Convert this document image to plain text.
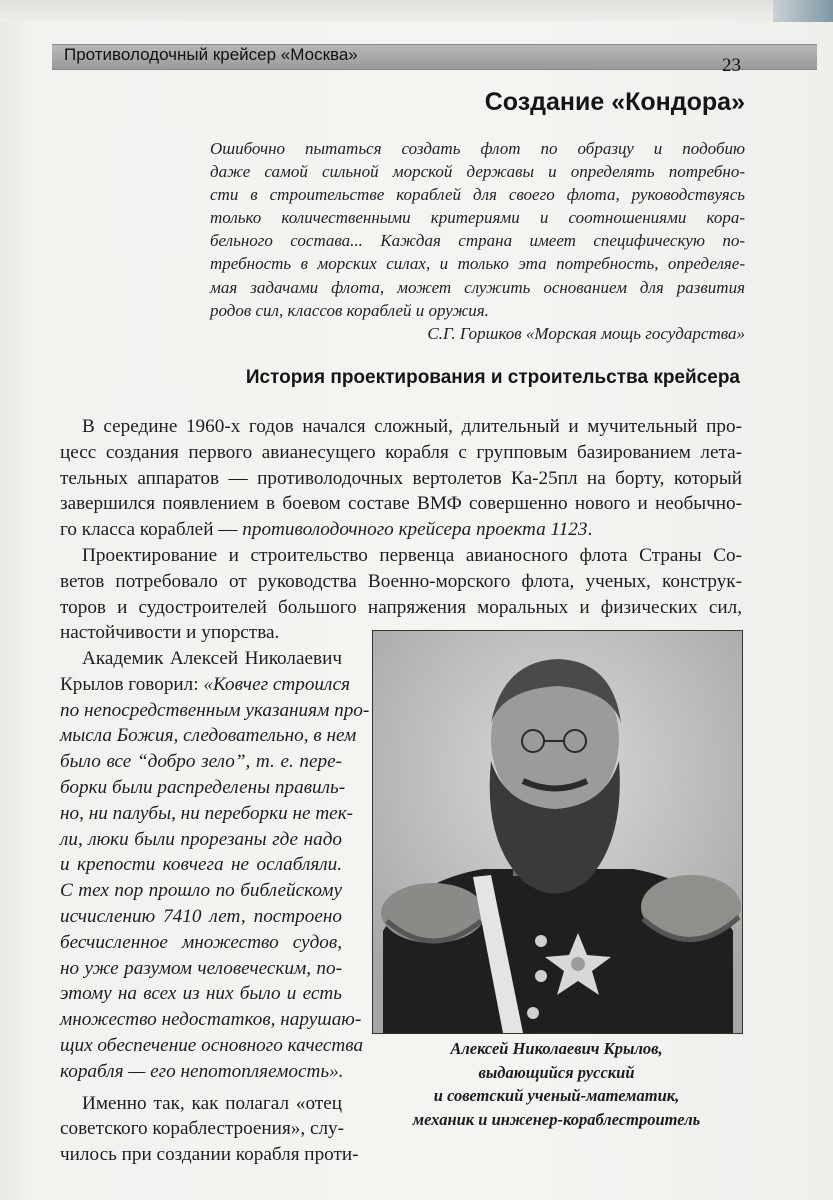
Противолодочный крейсер «Москва»
23
Создание «Кондора»
Ошибочно пытаться создать флот по образцу и подобию
даже самой сильной морской державы и определять потребно-
сти в строительстве кораблей для своего флота, руководствуясь
только количественными критериями и соотношениями кора-
бельного состава... Каждая страна имеет специфическую по-
требность в морских силах, и только эта потребность, определяе-
мая задачами флота, может служить основанием для развития
родов сил, классов кораблей и оружия.
С.Г. Горшков «Морская мощь государства»
История проектирования и строительства крейсера
В середине 1960-х годов начался сложный, длительный и мучительный про-
цесс создания первого авианесущего корабля с групповым базированием лета-
тельных аппаратов — противолодочных вертолетов Ка-25пл на борту, который
завершился появлением в боевом составе ВМФ совершенно нового и необычно-
го класса кораблей — противолодочного крейсера проекта 1123.
Проектирование и строительство первенца авианосного флота Страны Со-
ветов потребовало от руководства Военно-морского флота, ученых, конструк-
торов и судостроителей большого напряжения моральных и физических сил,
настойчивости и упорства.
Академик Алексей Николаевич
Крылов говорил: «Ковчег строился
по непосредственным указаниям про-
мысла Божия, следовательно, в нем
было все “добро зело”, т. е. пере-
борки были распределены правиль-
но, ни палубы, ни переборки не тек-
ли, люки были прорезаны где надо
и крепости ковчега не ослабляли.
С тех пор прошло по библейскому
исчислению 7410 лет, построено
бесчисленное множество судов,
но уже разумом человеческим, по-
этому на всех из них было и есть
множество недостатков, нарушаю-
щих обеспечение основного качества
корабля — его непотопляемость».
Именно так, как полагал «отец
советского кораблестроения», слу-
чилось при создании корабля проти-
Алексей Николаевич Крылов,
выдающийся русский
и советский ученый-математик,
механик и инженер-кораблестроитель
